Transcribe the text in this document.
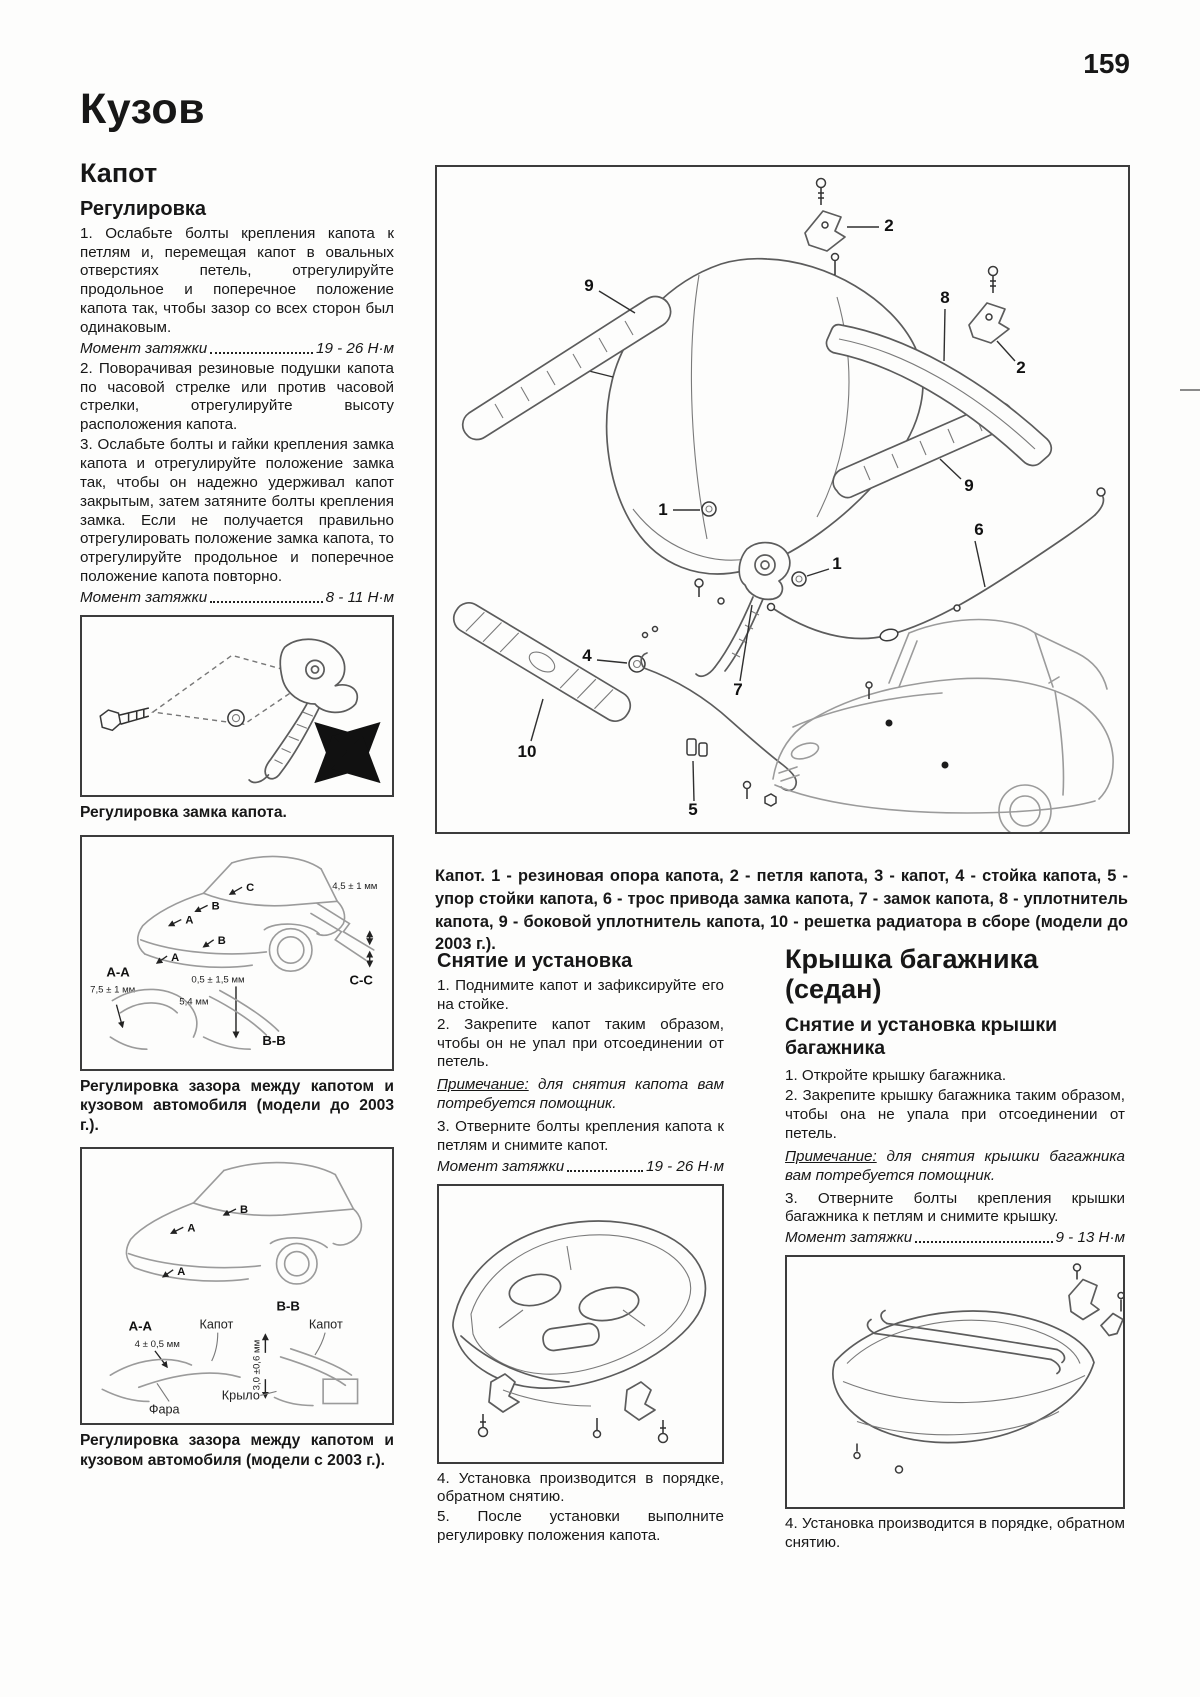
159
Кузов
Капот
Регулировка

1. Ослабьте болты крепления капота к петлям и, перемещая капот в овальных отверстиях петель, отрегулируйте продольное и поперечное положение капота так, чтобы зазор со всех сторон был одинаковым.

Момент затяжки	19 - 26 Н·м

2. Поворачивая резиновые подушки капота по часовой стрелке или против часовой стрелки, отрегулируйте высоту расположения капота.

3. Ослабьте болты и гайки крепления замка капота и отрегулируйте положение замка так, чтобы он надежно удерживал капот закрытым, затем затяните болты крепления замка. Если не получается правильно отрегулировать положение замка капота, то отрегулируйте продольное и поперечное положение капота повторно.

Момент затяжки	8 - 11 Н·м

Регулировка замка капота.

C
B
A
B
A
4,5 ± 1 мм
C-C
A-A
7,5 ± 1 мм
0,5 ± 1,5 мм
5,4 мм
B-B

Регулировка зазора между капотом и кузовом автомобиля (модели до 2003 г.).

B
A
A
B-B
A-A	Капот
4 ± 0,5 мм
Фара
3,0 ±0,6 мм
Капот
Крыло

Регулировка зазора между капотом и кузовом автомобиля (модели с 2003 г.).

9
9
8
2
2
1
1
7
4
5
6
10

Капот. 1 - резиновая опора капота, 2 - петля капота, 3 - капот, 4 - стойка капота, 5 - упор стойки капота, 6 - трос привода замка капота, 7 - замок капота, 8 - уплотнитель капота, 9 - боковой уплотнитель капота, 10 - решетка радиатора в сборе (модели до 2003 г.).

Снятие и установка

1. Поднимите капот и зафиксируйте его на стойке.

2. Закрепите капот таким образом, чтобы он не упал при отсоединении от петель.

Примечание: для снятия капота вам потребуется помощник.

3. Отверните болты крепления капота к петлям и снимите капот.

Момент затяжки	19 - 26 Н·м

4. Установка производится в порядке, обратном снятию.

5. После установки выполните регулировку положения капота.

Крышка багажника (седан)
Снятие и установка крышки багажника

1. Откройте крышку багажника.

2. Закрепите крышку багажника таким образом, чтобы она не упала при отсоединении от петель.

Примечание: для снятия крышки багажника вам потребуется помощник.

3. Отверните болты крепления крышки багажника к петлям и снимите крышку.

Момент затяжки	9 - 13 Н·м

4. Установка производится в порядке, обратном снятию.
